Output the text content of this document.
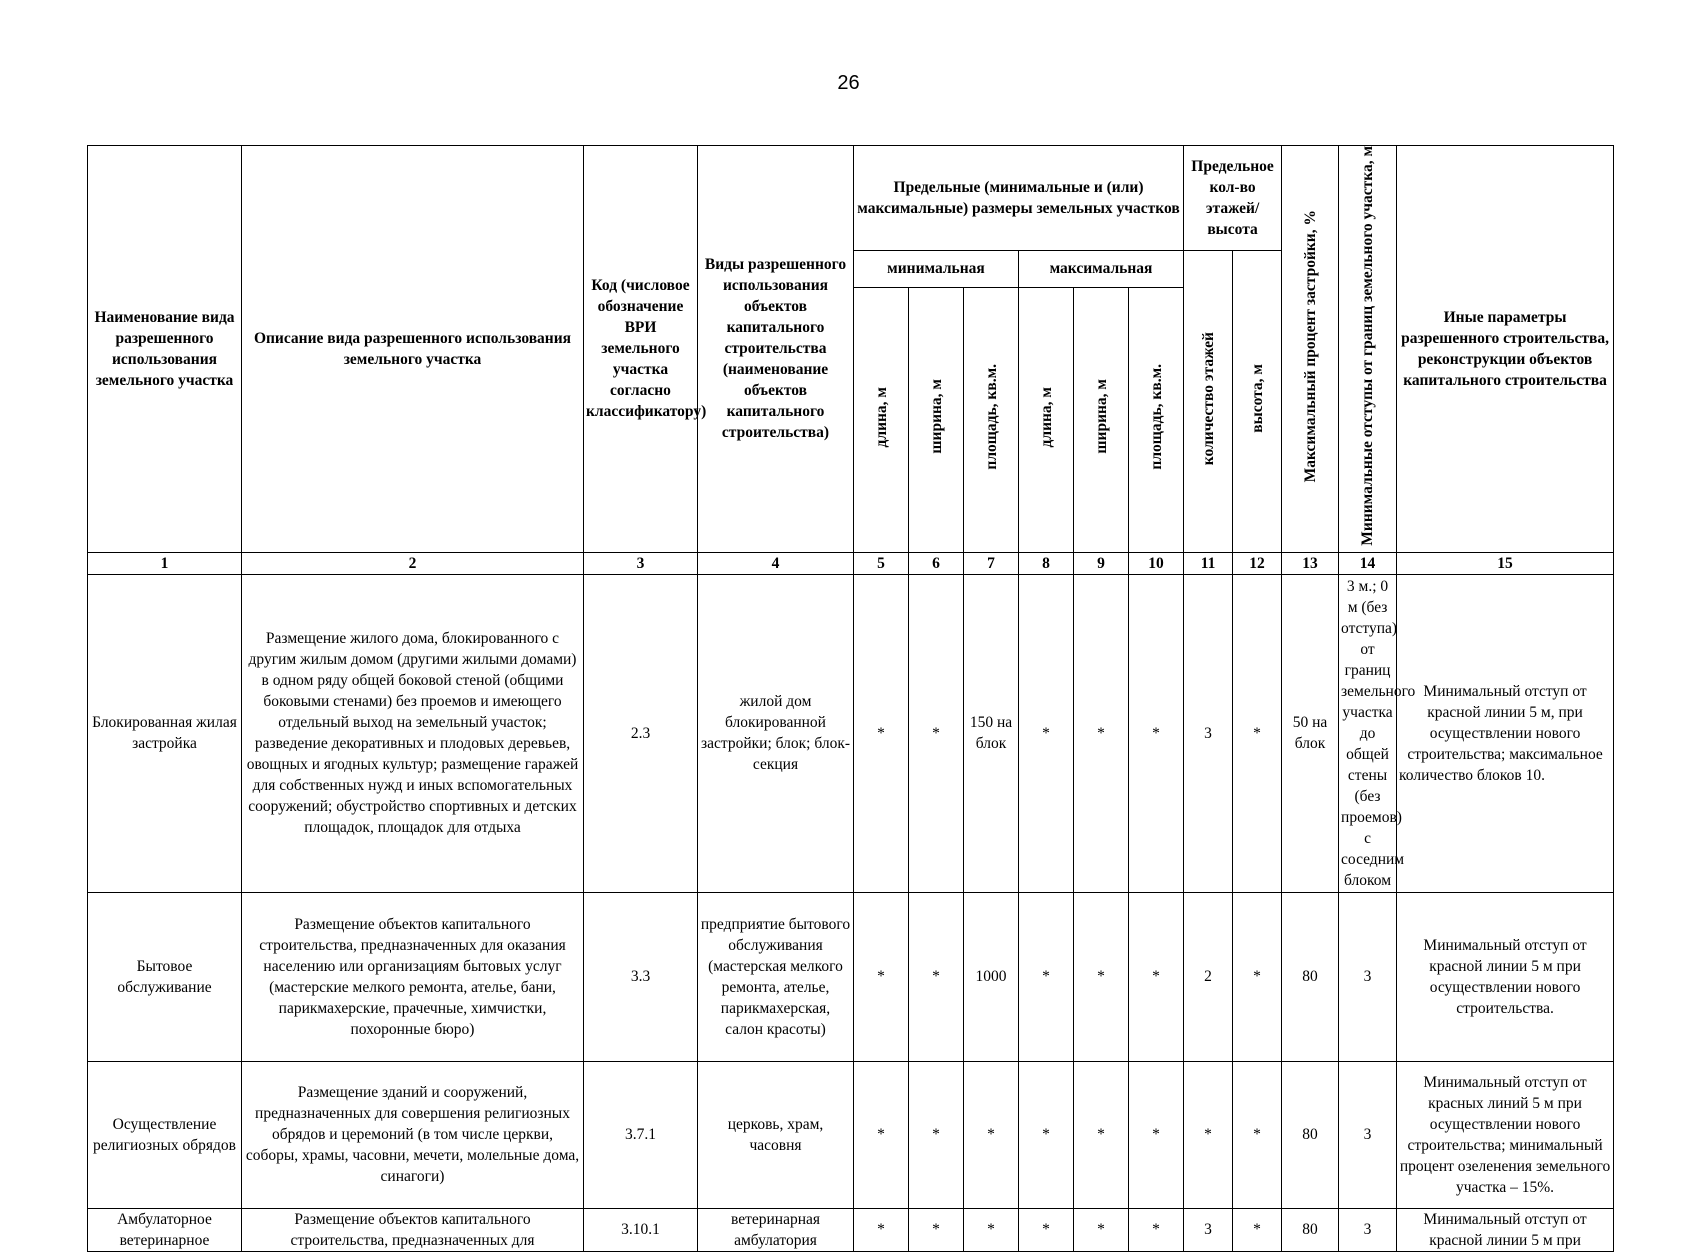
26
Наименование вида разрешенного использования земельного участка	Описание вида разрешенного использования земельного участка	Код (числовое обозначение ВРИ земельного участка согласно классификатору)	Виды разрешенного использования объектов капитального строительства (наименование объектов капитального строительства)	Предельные (минимальные и (или) максимальные) размеры земельных участков						Предельное кол-во этажей/ высота		Максимальный процент застройки, %	Минимальные отступы от границ земельного участка, м	Иные параметры разрешенного строительства, реконструкции объектов капитального строительства
				минимальная			максимальная			количество этажей	высота, м			
				длина, м	ширина, м	площадь, кв.м.	длина, м	ширина, м	площадь, кв.м.					
1	2	3	4	5	6	7	8	9	10	11	12	13	14	15
Блокированная жилая застройка	Размещение жилого дома, блокированного с другим жилым домом (другими жилыми домами) в одном ряду общей боковой стеной (общими боковыми стенами) без проемов и имеющего отдельный выход на земельный участок; разведение декоративных и плодовых деревьев, овощных и ягодных культур; размещение гаражей для собственных нужд и иных вспомогательных сооружений; обустройство спортивных и детских площадок, площадок для отдыха	2.3	жилой дом блокированной застройки; блок; блок-секция	*	*	150 на блок	*	*	*	3	*	50 на блок	3 м.; 0 м (без отступа) от границ земельного участка до общей стены (без проемов) с соседним блоком	Минимальный отступ от красной линии 5 м, при осуществлении нового строительства; максимальное количество блоков 10.
Бытовое обслуживание	Размещение объектов капитального строительства, предназначенных для оказания населению или организациям бытовых услуг (мастерские мелкого ремонта, ателье, бани, парикмахерские, прачечные, химчистки, похоронные бюро)	3.3	предприятие бытового обслуживания (мастерская мелкого ремонта, ателье, парикмахерская, салон красоты)	*	*	1000	*	*	*	2	*	80	3	Минимальный отступ от красной линии 5 м при осуществлении нового строительства.
Осуществление религиозных обрядов	Размещение зданий и сооружений, предназначенных для совершения религиозных обрядов и церемоний (в том числе церкви, соборы, храмы, часовни, мечети, молельные дома, синагоги)	3.7.1	церковь, храм, часовня	*	*	*	*	*	*	*	*	80	3	Минимальный отступ от красных линий 5 м при осуществлении нового строительства; минимальный процент озеленения земельного участка – 15%.
Амбулаторное ветеринарное	Размещение объектов капитального строительства, предназначенных для	3.10.1	ветеринарная амбулатория	*	*	*	*	*	*	3	*	80	3	Минимальный отступ от красной линии 5 м при
